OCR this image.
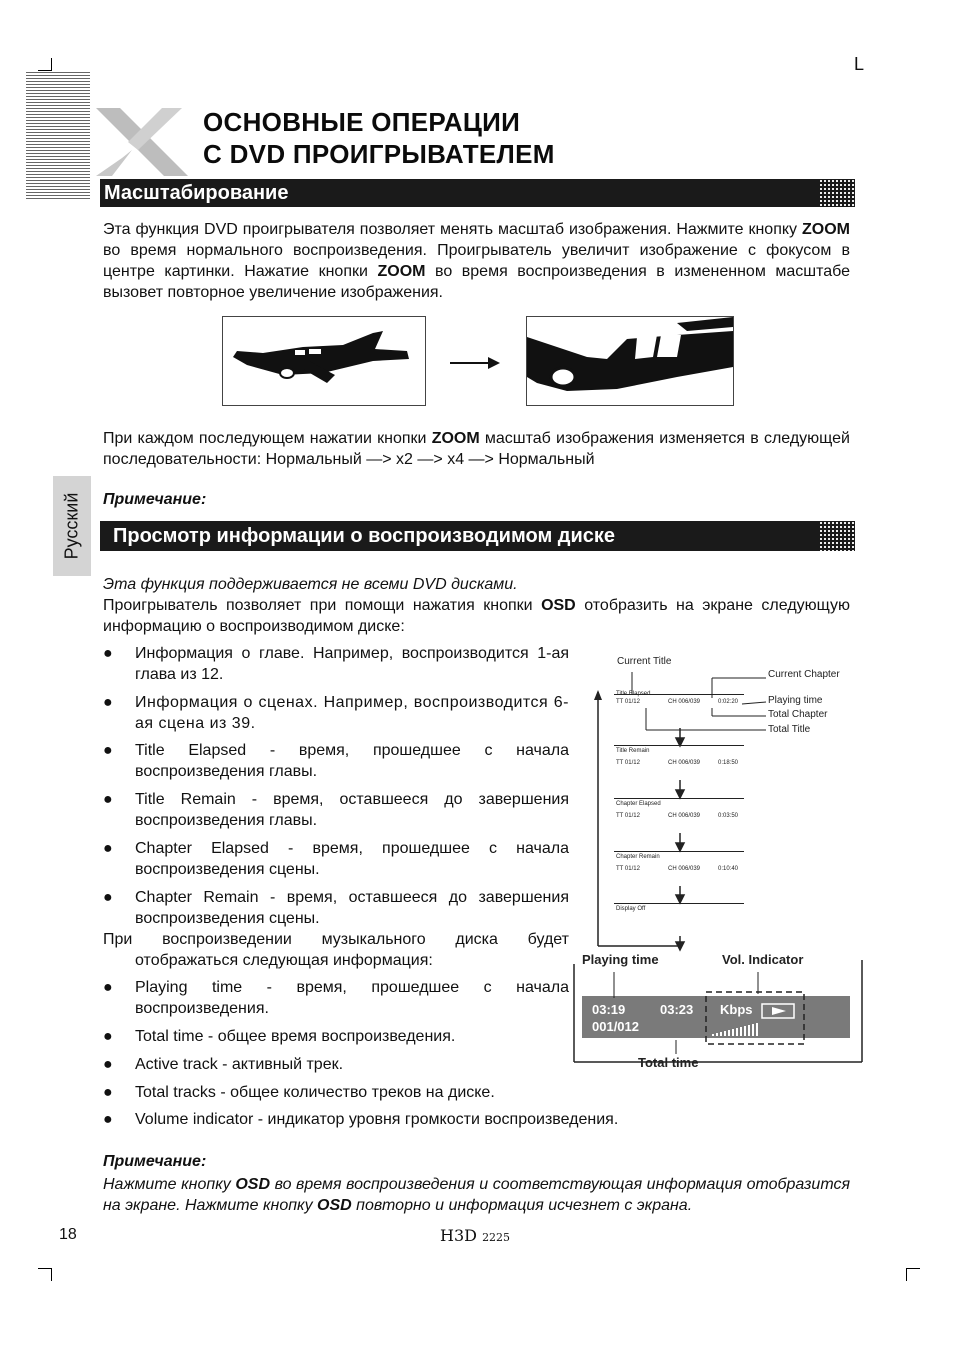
L
ОСНОВНЫЕ ОПЕРАЦИИ
С DVD ПРОИГРЫВАТЕЛЕМ
Масштабирование
Эта функция DVD проигрывателя позволяет менять масштаб изображения. Нажмите кнопку ZOOM во время нормального воспроизведения. Проигрыватель увеличит изображение с фокусом в центре картинки. Нажатие кнопки ZOOM во время воспроизведения в измененном масштабе вызовет повторное увеличение изображения.
При каждом последующем нажатии кнопки ZOOM масштаб изображения изменяется в следующей последовательности: Нормальный —> х2 —> х4 —> Нормальный
Примечание:
Русский	Просмотр информации о воспроизводимом диске
Эта функция поддерживается не всеми DVD дисками.
Проигрыватель позволяет при помощи нажатия кнопки OSD отобразить на экране следующую информацию о воспроизводимом диске:
● Информация о главе. Например, воспроизводится 1-ая глава из 12.
● Информация о сценах. Например, воспроизводится 6-ая сцена из 39.
● Title Elapsed - время, прошедшее с начала воспроизведения главы.
● Title Remain - время, оставшееся до завершения воспроизведения главы.
● Chapter Elapsed - время, прошедшее с начала воспроизведения сцены.
● Chapter Remain - время, оставшееся до завершения воспроизведения сцены.
При воспроизведении музыкального диска будет отображаться следующая информация:
● Playing time - время, прошедшее с начала воспроизведения.
● Total time - общее время воспроизведения.
● Active track - активный трек.
● Total tracks - общее количество треков на диске.
● Volume indicator - индикатор уровня громкости воспроизведения.
Current Title
Current Chapter
Playing time
Total Chapter
Total Title
Title Elapsed
TT 01/12	CH 006/039	0:02:20
Title Remain
TT 01/12	CH 006/039	0:18:50
Chapter Elapsed
TT 01/12	CH 006/039	0:03:50
Chapter Remain
TT 01/12	CH 006/039	0:10:40
Display Off
Playing time	Vol. Indicator
03:19	03:23 Kbps
001/012
Total time
Примечание:
Нажмите кнопку OSD во время воспроизведения и соответствующая информация отобразится на экране. Нажмите кнопку OSD повторно и информация исчезнет с экрана.
18	H3D 2225
